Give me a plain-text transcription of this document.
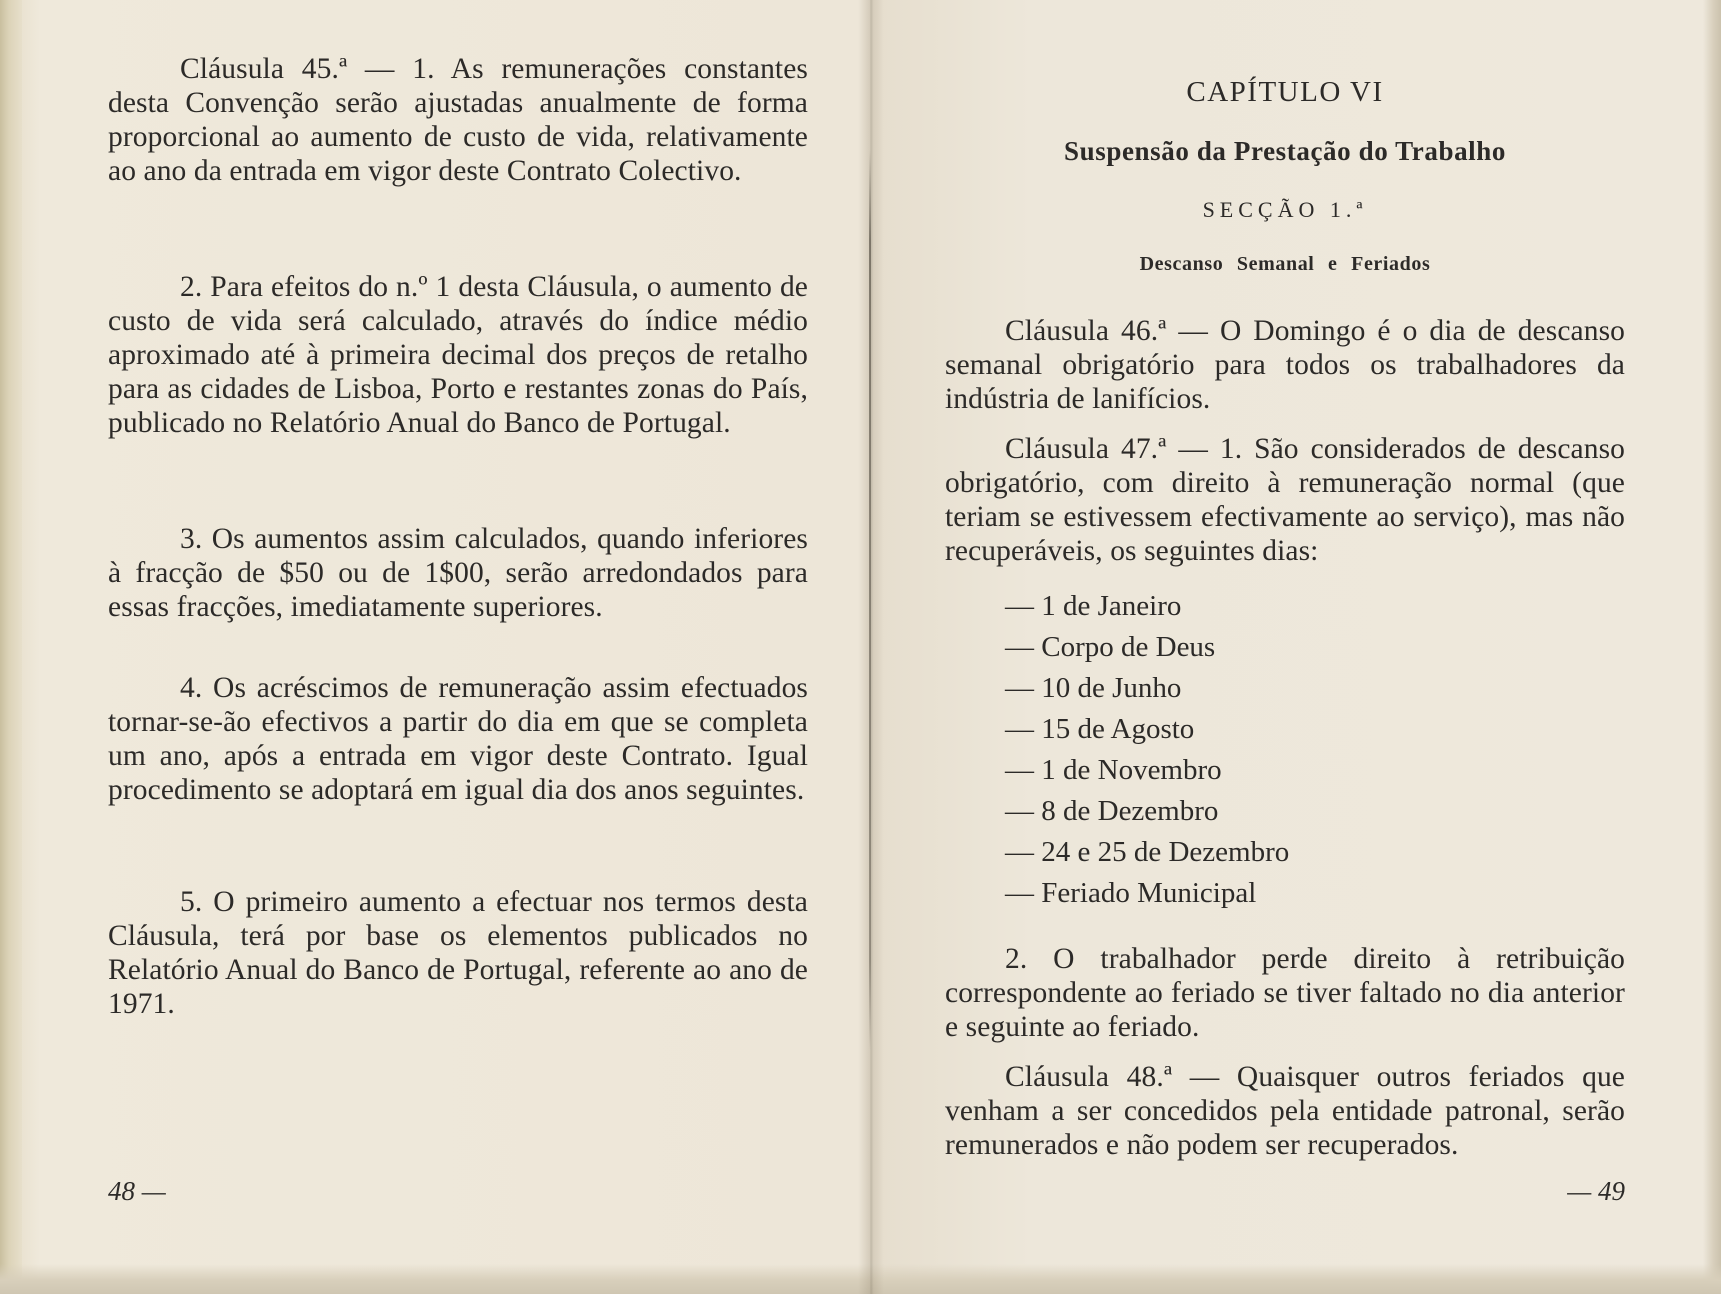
Cláusula 45.ª — 1. As remunerações constantes desta Convenção serão ajustadas anualmente de forma proporcional ao aumento de custo de vida, relativamente ao ano da entrada em vigor deste Contrato Colectivo.

2. Para efeitos do n.º 1 desta Cláusula, o aumento de custo de vida será calculado, através do índice médio aproximado até à primeira decimal dos preços de retalho para as cidades de Lisboa, Porto e restantes zonas do País, publicado no Relatório Anual do Banco de Portugal.

3. Os aumentos assim calculados, quando inferiores à fracção de $50 ou de 1$00, serão arredondados para essas fracções, imediatamente superiores.

4. Os acréscimos de remuneração assim efectuados tornar-se-ão efectivos a partir do dia em que se completa um ano, após a entrada em vigor deste Contrato. Igual procedimento se adoptará em igual dia dos anos seguintes.

5. O primeiro aumento a efectuar nos termos desta Cláusula, terá por base os elementos publicados no Relatório Anual do Banco de Portugal, referente ao ano de 1971.

48 —
CAPÍTULO VI
Suspensão da Prestação do Trabalho
SECÇÃO 1.ª
Descanso Semanal e Feriados

Cláusula 46.ª — O Domingo é o dia de descanso semanal obrigatório para todos os trabalhadores da indústria de lanifícios.

Cláusula 47.ª — 1. São considerados de descanso obrigatório, com direito à remuneração normal (que teriam se estivessem efectivamente ao serviço), mas não recuperáveis, os seguintes dias:

— 1 de Janeiro
— Corpo de Deus
— 10 de Junho
— 15 de Agosto
— 1 de Novembro
— 8 de Dezembro
— 24 e 25 de Dezembro
— Feriado Municipal

2. O trabalhador perde direito à retribuição correspondente ao feriado se tiver faltado no dia anterior e seguinte ao feriado.

Cláusula 48.ª — Quaisquer outros feriados que venham a ser concedidos pela entidade patronal, serão remunerados e não podem ser recuperados.

— 49
